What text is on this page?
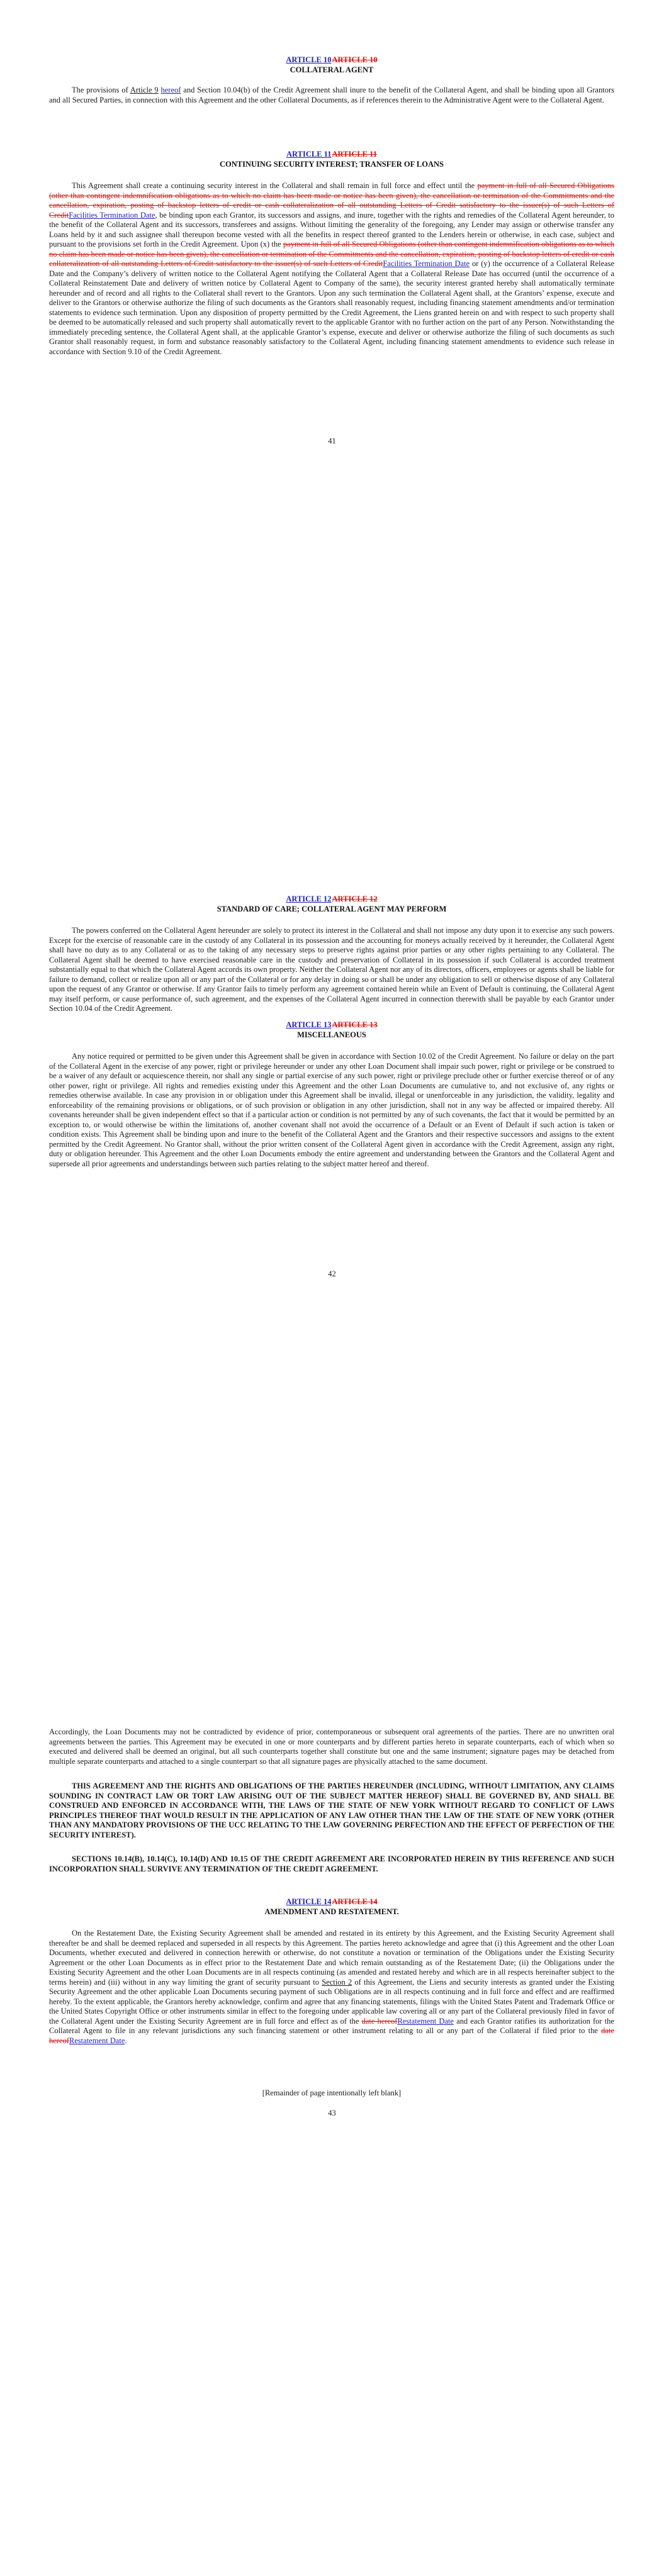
ARTICLE 10ARTICLE 10
COLLATERAL AGENT

The provisions of Article 9 hereof and Section 10.04(b) of the Credit Agreement shall inure to the benefit of the Collateral Agent, and shall be binding upon all Grantors and all Secured Parties, in connection with this Agreement and the other Collateral Documents, as if references therein to the Administrative Agent were to the Collateral Agent.

ARTICLE 11ARTICLE 11
CONTINUING SECURITY INTEREST; TRANSFER OF LOANS

This Agreement shall create a continuing security interest in the Collateral and shall remain in full force and effect until the payment in full of all Secured Obligations (other than contingent indemnification obligations as to which no claim has been made or notice has been given), the cancellation or termination of the Commitments and the cancellation, expiration, posting of backstop letters of credit or cash collateralization of all outstanding Letters of Credit satisfactory to the issuer(s) of such Letters of CreditFacilities Termination Date, be binding upon each Grantor, its successors and assigns, and inure, together with the rights and remedies of the Collateral Agent hereunder, to the benefit of the Collateral Agent and its successors, transferees and assigns. Without limiting the generality of the foregoing, any Lender may assign or otherwise transfer any Loans held by it and such assignee shall thereupon become vested with all the benefits in respect thereof granted to the Lenders herein or otherwise, in each case, subject and pursuant to the provisions set forth in the Credit Agreement. Upon (x) the payment in full of all Secured Obligations (other than contingent indemnification obligations as to which no claim has been made or notice has been given), the cancellation or termination of the Commitments and the cancellation, expiration, posting of backstop letters of credit or cash collateralization of all outstanding Letters of Credit satisfactory to the issuer(s) of such Letters of CreditFacilities Termination Date or (y) the occurrence of a Collateral Release Date and the Company’s delivery of written notice to the Collateral Agent notifying the Collateral Agent that a Collateral Release Date has occurred (until the occurrence of a Collateral Reinstatement Date and delivery of written notice by Collateral Agent to Company of the same), the security interest granted hereby shall automatically terminate hereunder and of record and all rights to the Collateral shall revert to the Grantors. Upon any such termination the Collateral Agent shall, at the Grantors’ expense, execute and deliver to the Grantors or otherwise authorize the filing of such documents as the Grantors shall reasonably request, including financing statement amendments and/or termination statements to evidence such termination. Upon any disposition of property permitted by the Credit Agreement, the Liens granted herein on and with respect to such property shall be deemed to be automatically released and such property shall automatically revert to the applicable Grantor with no further action on the part of any Person. Notwithstanding the immediately preceding sentence, the Collateral Agent shall, at the applicable Grantor’s expense, execute and deliver or otherwise authorize the filing of such documents as such Grantor shall reasonably request, in form and substance reasonably satisfactory to the Collateral Agent, including financing statement amendments to evidence such release in accordance with Section 9.10 of the Credit Agreement.

41
ARTICLE 12ARTICLE 12
STANDARD OF CARE; COLLATERAL AGENT MAY PERFORM

The powers conferred on the Collateral Agent hereunder are solely to protect its interest in the Collateral and shall not impose any duty upon it to exercise any such powers. Except for the exercise of reasonable care in the custody of any Collateral in its possession and the accounting for moneys actually received by it hereunder, the Collateral Agent shall have no duty as to any Collateral or as to the taking of any necessary steps to preserve rights against prior parties or any other rights pertaining to any Collateral. The Collateral Agent shall be deemed to have exercised reasonable care in the custody and preservation of Collateral in its possession if such Collateral is accorded treatment substantially equal to that which the Collateral Agent accords its own property. Neither the Collateral Agent nor any of its directors, officers, employees or agents shall be liable for failure to demand, collect or realize upon all or any part of the Collateral or for any delay in doing so or shall be under any obligation to sell or otherwise dispose of any Collateral upon the request of any Grantor or otherwise. If any Grantor fails to timely perform any agreement contained herein while an Event of Default is continuing, the Collateral Agent may itself perform, or cause performance of, such agreement, and the expenses of the Collateral Agent incurred in connection therewith shall be payable by each Grantor under Section 10.04 of the Credit Agreement.

ARTICLE 13ARTICLE 13
MISCELLANEOUS

Any notice required or permitted to be given under this Agreement shall be given in accordance with Section 10.02 of the Credit Agreement. No failure or delay on the part of the Collateral Agent in the exercise of any power, right or privilege hereunder or under any other Loan Document shall impair such power, right or privilege or be construed to be a waiver of any default or acquiescence therein, nor shall any single or partial exercise of any such power, right or privilege preclude other or further exercise thereof or of any other power, right or privilege. All rights and remedies existing under this Agreement and the other Loan Documents are cumulative to, and not exclusive of, any rights or remedies otherwise available. In case any provision in or obligation under this Agreement shall be invalid, illegal or unenforceable in any jurisdiction, the validity, legality and enforceability of the remaining provisions or obligations, or of such provision or obligation in any other jurisdiction, shall not in any way be affected or impaired thereby. All covenants hereunder shall be given independent effect so that if a particular action or condition is not permitted by any of such covenants, the fact that it would be permitted by an exception to, or would otherwise be within the limitations of, another covenant shall not avoid the occurrence of a Default or an Event of Default if such action is taken or condition exists. This Agreement shall be binding upon and inure to the benefit of the Collateral Agent and the Grantors and their respective successors and assigns to the extent permitted by the Credit Agreement. No Grantor shall, without the prior written consent of the Collateral Agent given in accordance with the Credit Agreement, assign any right, duty or obligation hereunder. This Agreement and the other Loan Documents embody the entire agreement and understanding between the Grantors and the Collateral Agent and supersede all prior agreements and understandings between such parties relating to the subject matter hereof and thereof.

42

Accordingly, the Loan Documents may not be contradicted by evidence of prior, contemporaneous or subsequent oral agreements of the parties. There are no unwritten oral agreements between the parties. This Agreement may be executed in one or more counterparts and by different parties hereto in separate counterparts, each of which when so executed and delivered shall be deemed an original, but all such counterparts together shall constitute but one and the same instrument; signature pages may be detached from multiple separate counterparts and attached to a single counterpart so that all signature pages are physically attached to the same document.

THIS AGREEMENT AND THE RIGHTS AND OBLIGATIONS OF THE PARTIES HEREUNDER (INCLUDING, WITHOUT LIMITATION, ANY CLAIMS SOUNDING IN CONTRACT LAW OR TORT LAW ARISING OUT OF THE SUBJECT MATTER HEREOF) SHALL BE GOVERNED BY, AND SHALL BE CONSTRUED AND ENFORCED IN ACCORDANCE WITH, THE LAWS OF THE STATE OF NEW YORK WITHOUT REGARD TO CONFLICT OF LAWS PRINCIPLES THEREOF THAT WOULD RESULT IN THE APPLICATION OF ANY LAW OTHER THAN THE LAW OF THE STATE OF NEW YORK (OTHER THAN ANY MANDATORY PROVISIONS OF THE UCC RELATING TO THE LAW GOVERNING PERFECTION AND THE EFFECT OF PERFECTION OF THE SECURITY INTEREST).

SECTIONS 10.14(B), 10.14(C), 10.14(D) AND 10.15 OF THE CREDIT AGREEMENT ARE INCORPORATED HEREIN BY THIS REFERENCE AND SUCH INCORPORATION SHALL SURVIVE ANY TERMINATION OF THE CREDIT AGREEMENT.

ARTICLE 14ARTICLE 14
AMENDMENT AND RESTATEMENT.

On the Restatement Date, the Existing Security Agreement shall be amended and restated in its entirety by this Agreement, and the Existing Security Agreement shall thereafter be and shall be deemed replaced and superseded in all respects by this Agreement. The parties hereto acknowledge and agree that (i) this Agreement and the other Loan Documents, whether executed and delivered in connection herewith or otherwise, do not constitute a novation or termination of the Obligations under the Existing Security Agreement or the other Loan Documents as in effect prior to the Restatement Date and which remain outstanding as of the Restatement Date; (ii) the Obligations under the Existing Security Agreement and the other Loan Documents are in all respects continuing (as amended and restated hereby and which are in all respects hereinafter subject to the terms herein) and (iii) without in any way limiting the grant of security pursuant to Section 2 of this Agreement, the Liens and security interests as granted under the Existing Security Agreement and the other applicable Loan Documents securing payment of such Obligations are in all respects continuing and in full force and effect and are reaffirmed hereby. To the extent applicable, the Grantors hereby acknowledge, confirm and agree that any financing statements, filings with the United States Patent and Trademark Office or the United States Copyright Office or other instruments similar in effect to the foregoing under applicable law covering all or any part of the Collateral previously filed in favor of the Collateral Agent under the Existing Security Agreement are in full force and effect as of the date hereofRestatement Date and each Grantor ratifies its authorization for the Collateral Agent to file in any relevant jurisdictions any such financing statement or other instrument relating to all or any part of the Collateral if filed prior to the date hereofRestatement Date.

[Remainder of page intentionally left blank]
43
